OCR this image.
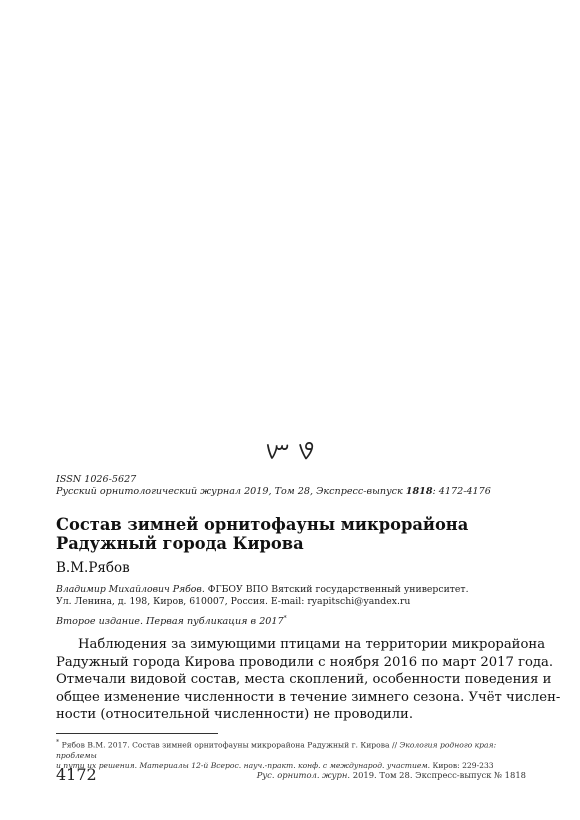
ࡐ ࡑ
ISSN 1026-5627
Русский орнитологический журнал 2019, Том 28, Экспресс-выпуск 1818: 4172-4176
Состав зимней орнитофауны микрорайона
Радужный города Кирова
В.М.Рябов
Владимир Михайлович Рябов. ФГБОУ ВПО Вятский государственный университет.
Ул. Ленина, д. 198, Киров, 610007, Россия. E-mail: ryapitschi@yandex.ru
Второе издание. Первая публикация в 2017*
Наблюдения за зимующими птицами на территории микрорайона
Радужный города Кирова проводили с ноября 2016 по март 2017 года.
Отмечали видовой состав, места скоплений, особенности поведения и
общее изменение численности в течение зимнего сезона. Учёт числен-
ности (относительной численности) не проводили.
* Рябов В.М. 2017. Состав зимней орнитофауны микрорайона Радужный г. Кирова // Экология родного края: проблемы
и пути их решения. Материалы 12-й Всерос. науч.-практ. конф. с международ. участием. Киров: 229-233
4172	Рус. орнитол. журн. 2019. Том 28. Экспресс-выпуск № 1818
